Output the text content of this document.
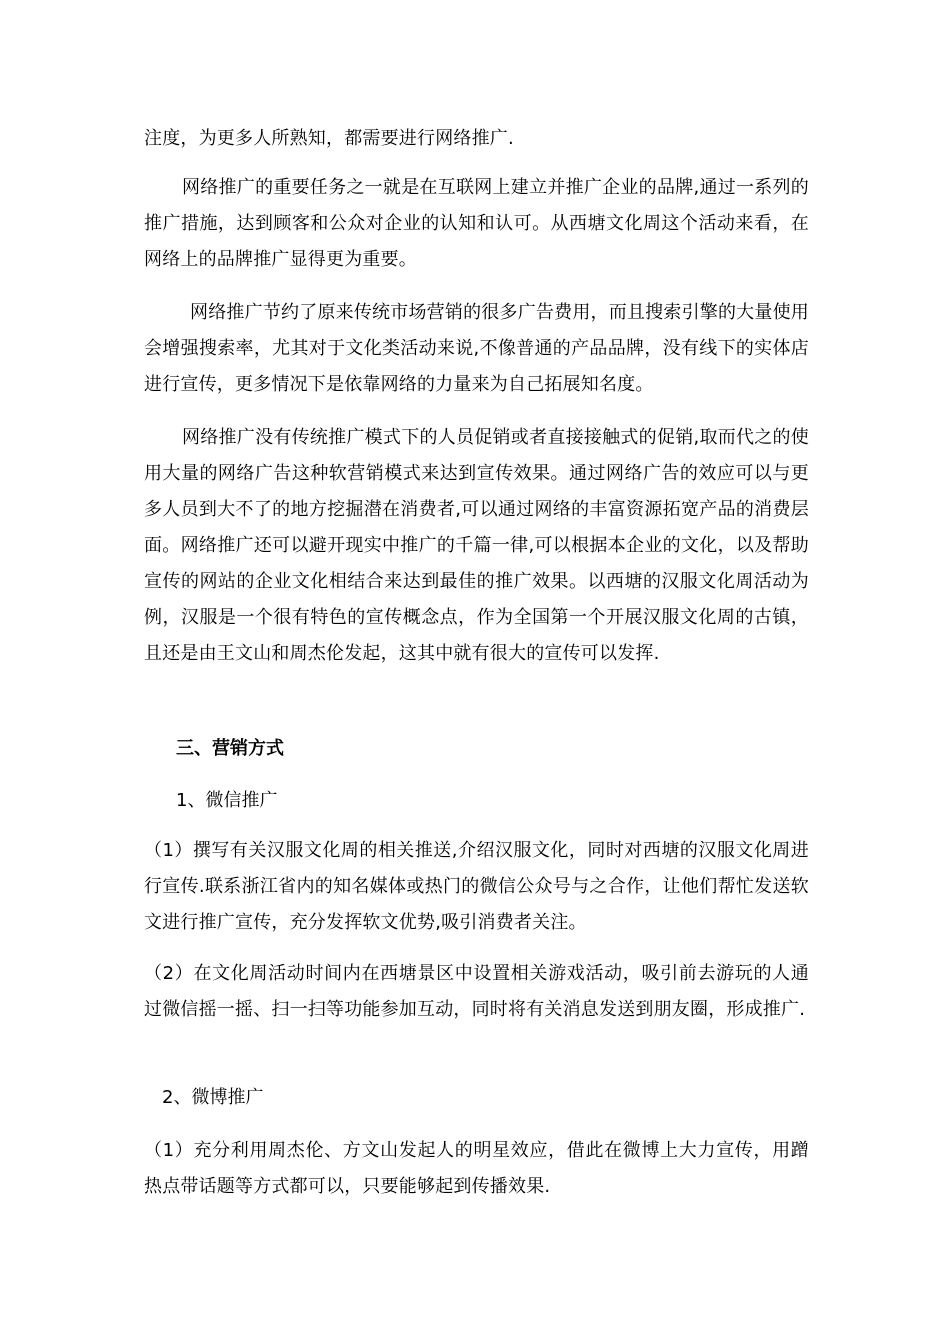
注度，为更多人所熟知，都需要进行网络推广.
网络推广的重要任务之一就是在互联网上建立并推广企业的品牌,通过一系列的推广措施，达到顾客和公众对企业的认知和认可。从西塘文化周这个活动来看，在网络上的品牌推广显得更为重要。
网络推广节约了原来传统市场营销的很多广告费用，而且搜索引擎的大量使用会增强搜索率，尤其对于文化类活动来说,不像普通的产品品牌，没有线下的实体店进行宣传，更多情况下是依靠网络的力量来为自己拓展知名度。
网络推广没有传统推广模式下的人员促销或者直接接触式的促销,取而代之的使用大量的网络广告这种软营销模式来达到宣传效果。通过网络广告的效应可以与更多人员到大不了的地方挖掘潜在消费者,可以通过网络的丰富资源拓宽产品的消费层面。网络推广还可以避开现实中推广的千篇一律,可以根据本企业的文化，以及帮助宣传的网站的企业文化相结合来达到最佳的推广效果。以西塘的汉服文化周活动为例，汉服是一个很有特色的宣传概念点，作为全国第一个开展汉服文化周的古镇，且还是由王文山和周杰伦发起，这其中就有很大的宣传可以发挥.
三、营销方式
1、微信推广
（1）撰写有关汉服文化周的相关推送,介绍汉服文化，同时对西塘的汉服文化周进行宣传.联系浙江省内的知名媒体或热门的微信公众号与之合作，让他们帮忙发送软文进行推广宣传，充分发挥软文优势,吸引消费者关注。
（2）在文化周活动时间内在西塘景区中设置相关游戏活动，吸引前去游玩的人通过微信摇一摇、扫一扫等功能参加互动，同时将有关消息发送到朋友圈，形成推广.
2、微博推广
（1）充分利用周杰伦、方文山发起人的明星效应，借此在微博上大力宣传，用蹭热点带话题等方式都可以，只要能够起到传播效果.
